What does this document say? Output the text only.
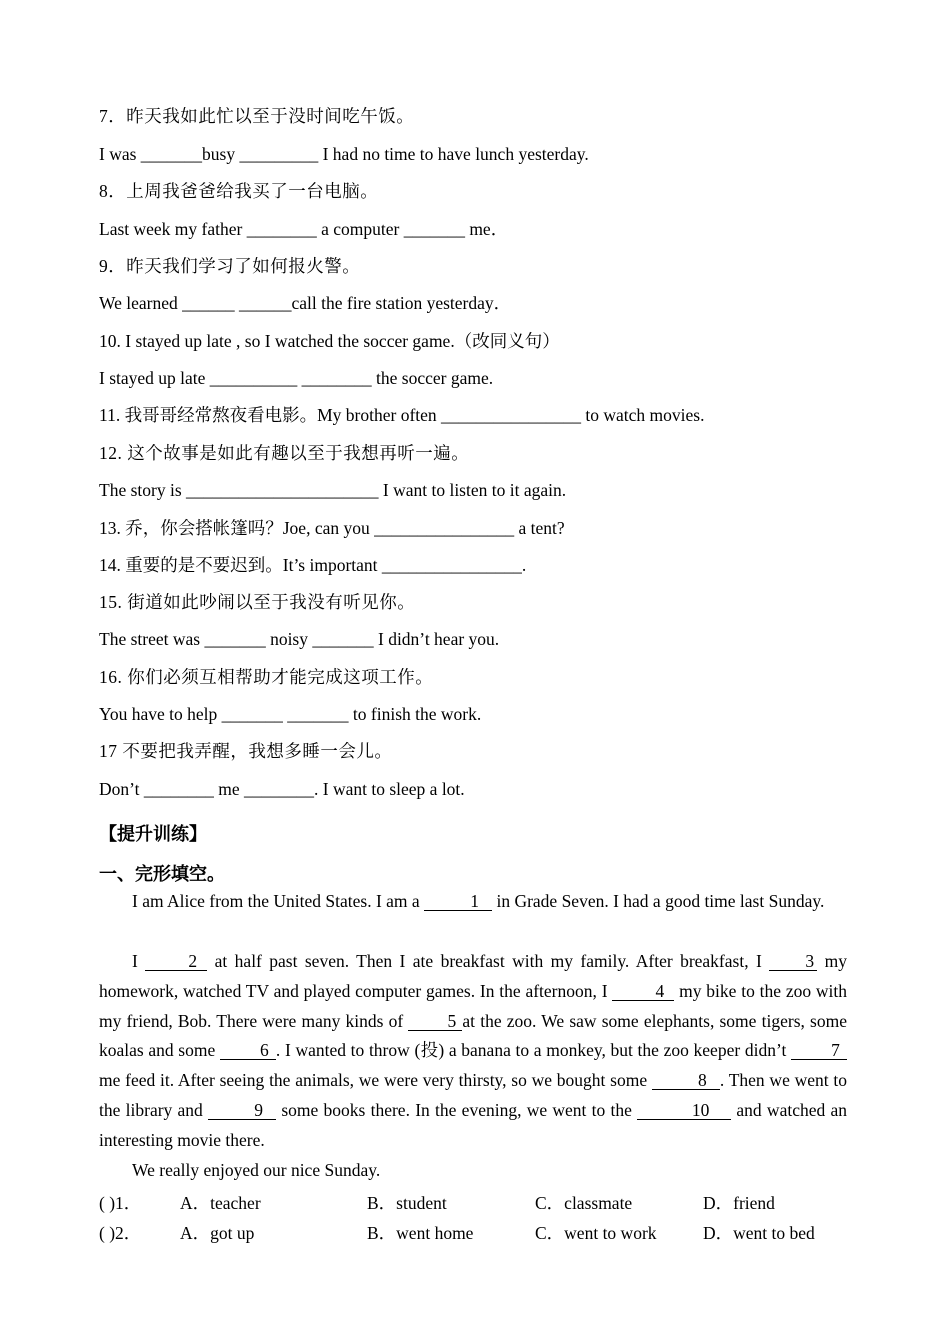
7．昨天我如此忙以至于没时间吃午饭。
I was _______busy _________ I had no time to have lunch yesterday.
8．上周我爸爸给我买了一台电脑。
Last week my father ________ a computer _______ me．
9．昨天我们学习了如何报火警。
We learned ______ ______call the fire station yesterday．
10. I stayed up late , so I watched the soccer game.（改同义句）
I stayed up late __________ ________ the soccer game.
11. 我哥哥经常熬夜看电影。My brother often ________________ to watch movies.
12. 这个故事是如此有趣以至于我想再听一遍。
The story is ______________________ I want to listen to it again.
13. 乔，你会搭帐篷吗？Joe, can you ________________ a tent?
14. 重要的是不要迟到。It’s important ________________.
15. 街道如此吵闹以至于我没有听见你。
The street was _______ noisy _______ I didn’t hear you.
16. 你们必须互相帮助才能完成这项工作。
You have to help _______ _______ to finish the work.
17 不要把我弄醒，我想多睡一会儿。
Don’t ________ me ________. I want to sleep a lot.
【提升训练】
一、完形填空。
I am Alice from the United States. I am a	1 in Grade Seven. I had a good time last Sunday.
I 2 at half past seven. Then I ate breakfast with my family. After breakfast, I 3 my homework, watched TV and played computer games. In the afternoon, I 4 my bike to the zoo with my friend, Bob. There were many kinds of 5 at the zoo. We saw some elephants, some tigers, some koalas and some 6 . I wanted to throw (投) a banana to a monkey, but the zoo keeper didn’t 7 me feed it. After seeing the animals, we were very thirsty, so we bought some	8 . Then we went to the library and	9 some books there. In the evening, we went to the	10 and watched an interesting movie there.
We really enjoyed our nice Sunday.
( )1． A．teacher	B．student	C．classmate	D．friend
( )2． A．got up	B．went home	C．went to work	D．went to bed
